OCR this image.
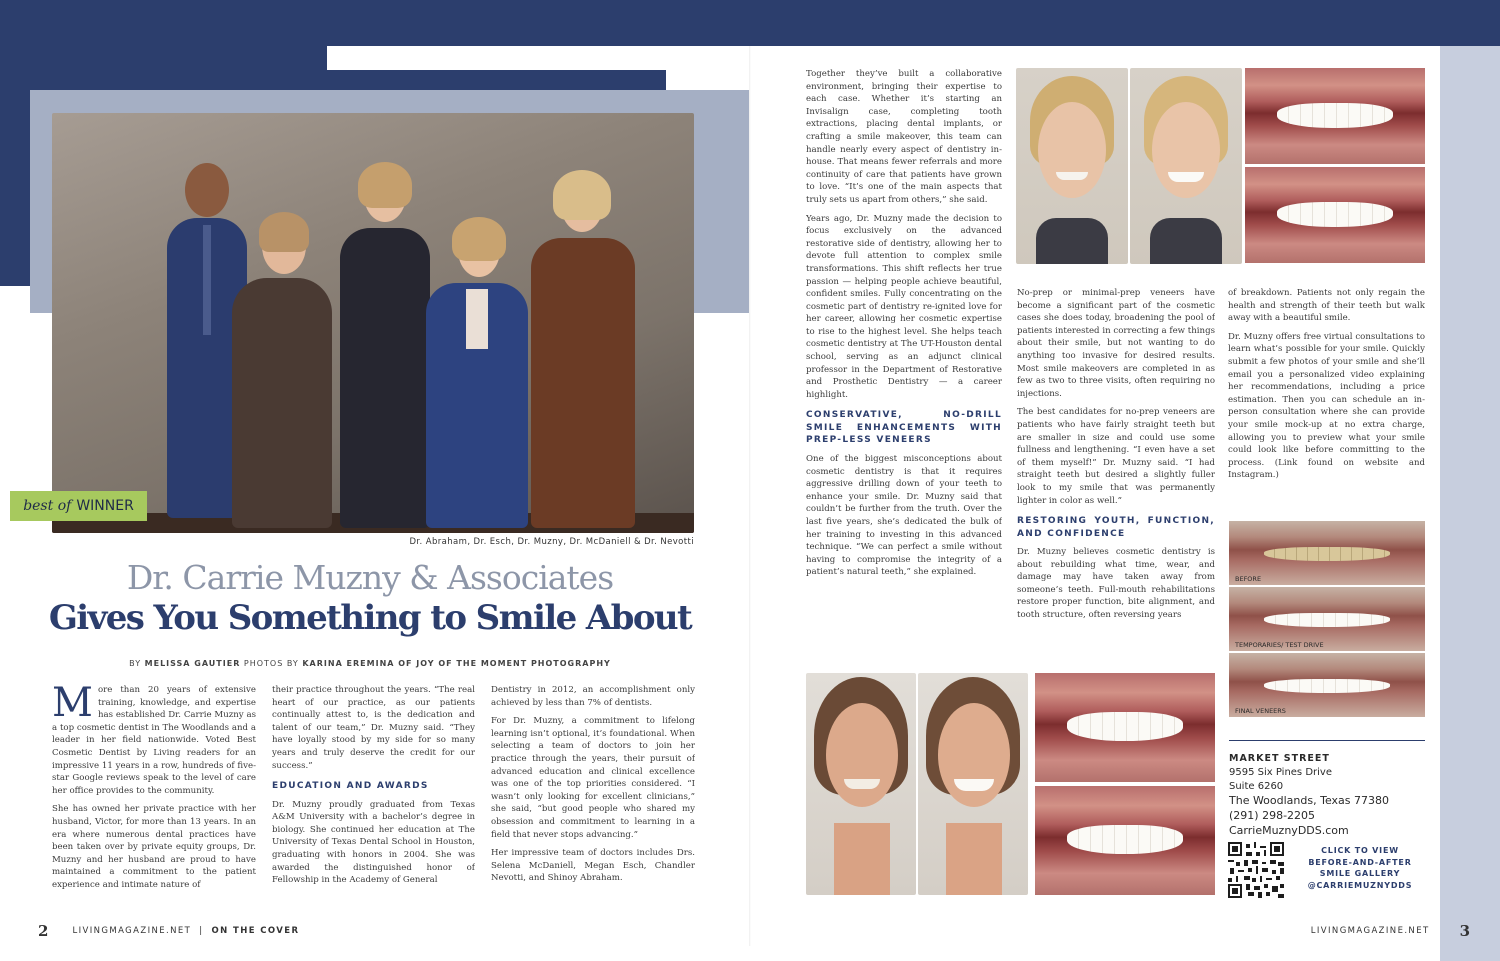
best of WINNER
Dr. Abraham, Dr. Esch, Dr. Muzny, Dr. McDaniell & Dr. Nevotti
Dr. Carrie Muzny & Associates
Gives You Something to Smile About
BY MELISSA GAUTIER PHOTOS BY KARINA EREMINA OF JOY OF THE MOMENT PHOTOGRAPHY

More than 20 years of extensive training, knowledge, and expertise has established Dr. Carrie Muzny as a top cosmetic dentist in The Woodlands and a leader in her field nationwide. Voted Best Cosmetic Dentist by Living readers for an impressive 11 years in a row, hundreds of five-star Google reviews speak to the level of care her office provides to the community.

She has owned her private practice with her husband, Victor, for more than 13 years. In an era where numerous dental practices have been taken over by private equity groups, Dr. Muzny and her husband are proud to have maintained a commitment to the patient experience and intimate nature of

their practice throughout the years. “The real heart of our practice, as our patients continually attest to, is the dedication and talent of our team,” Dr. Muzny said. “They have loyally stood by my side for so many years and truly deserve the credit for our success.”

EDUCATION AND AWARDS

Dr. Muzny proudly graduated from Texas A&M University with a bachelor’s degree in biology. She continued her education at The University of Texas Dental School in Houston, graduating with honors in 2004. She was awarded the distinguished honor of Fellowship in the Academy of General

Dentistry in 2012, an accomplishment only achieved by less than 7% of dentists.

For Dr. Muzny, a commitment to lifelong learning isn’t optional, it’s foundational. When selecting a team of doctors to join her practice through the years, their pursuit of advanced education and clinical excellence was one of the top priorities considered. “I wasn’t only looking for excellent clinicians,” she said, “but good people who shared my obsession and commitment to learning in a field that never stops advancing.”

Her impressive team of doctors includes Drs. Selena McDaniell, Megan Esch, Chandler Nevotti, and Shinoy Abraham.

Together they’ve built a collaborative environment, bringing their expertise to each case. Whether it’s starting an Invisalign case, completing tooth extractions, placing dental implants, or crafting a smile makeover, this team can handle nearly every aspect of dentistry in-house. That means fewer referrals and more continuity of care that patients have grown to love. “It’s one of the main aspects that truly sets us apart from others,” she said.

Years ago, Dr. Muzny made the decision to focus exclusively on the advanced restorative side of dentistry, allowing her to devote full attention to complex smile transformations. This shift reflects her true passion — helping people achieve beautiful, confident smiles. Fully concentrating on the cosmetic part of dentistry re-ignited love for her career, allowing her cosmetic expertise to rise to the highest level. She helps teach cosmetic dentistry at The UT-Houston dental school, serving as an adjunct clinical professor in the Department of Restorative and Prosthetic Dentistry — a career highlight.

CONSERVATIVE, NO-DRILL SMILE ENHANCEMENTS WITH PREP-LESS VENEERS

One of the biggest misconceptions about cosmetic dentistry is that it requires aggressive drilling down of your teeth to enhance your smile. Dr. Muzny said that couldn’t be further from the truth. Over the last five years, she’s dedicated the bulk of her training to investing in this advanced technique. “We can perfect a smile without having to compromise the integrity of a patient’s natural teeth,” she explained.

No-prep or minimal-prep veneers have become a significant part of the cosmetic cases she does today, broadening the pool of patients interested in correcting a few things about their smile, but not wanting to do anything too invasive for desired results. Most smile makeovers are completed in as few as two to three visits, often requiring no injections.

The best candidates for no-prep veneers are patients who have fairly straight teeth but are smaller in size and could use some fullness and lengthening. “I even have a set of them myself!” Dr. Muzny said. “I had straight teeth but desired a slightly fuller look to my smile that was permanently lighter in color as well.”

RESTORING YOUTH, FUNCTION, AND CONFIDENCE

Dr. Muzny believes cosmetic dentistry is about rebuilding what time, wear, and damage may have taken away from someone’s teeth. Full-mouth rehabilitations restore proper function, bite alignment, and tooth structure, often reversing years

of breakdown. Patients not only regain the health and strength of their teeth but walk away with a beautiful smile.

Dr. Muzny offers free virtual consultations to learn what’s possible for your smile. Quickly submit a few photos of your smile and she’ll email you a personalized video explaining her recommendations, including a price estimation. Then you can schedule an in-person consultation where she can provide your smile mock-up at no extra charge, allowing you to preview what your smile could look like before committing to the process. (Link found on website and Instagram.)

BEFORE
TEMPORARIES/ TEST DRIVE
FINAL VENEERS
MARKET STREET
9595 Six Pines Drive
Suite 6260
The Woodlands, Texas 77380
(291) 298-2205
CarrieMuznyDDS.com
CLICK TO VIEW
BEFORE-AND-AFTER
SMILE GALLERY
@CARRIEMUZNYDDS
2	LIVINGMAGAZINE.NET | ON THE COVER	LIVINGMAGAZINE.NET 3
